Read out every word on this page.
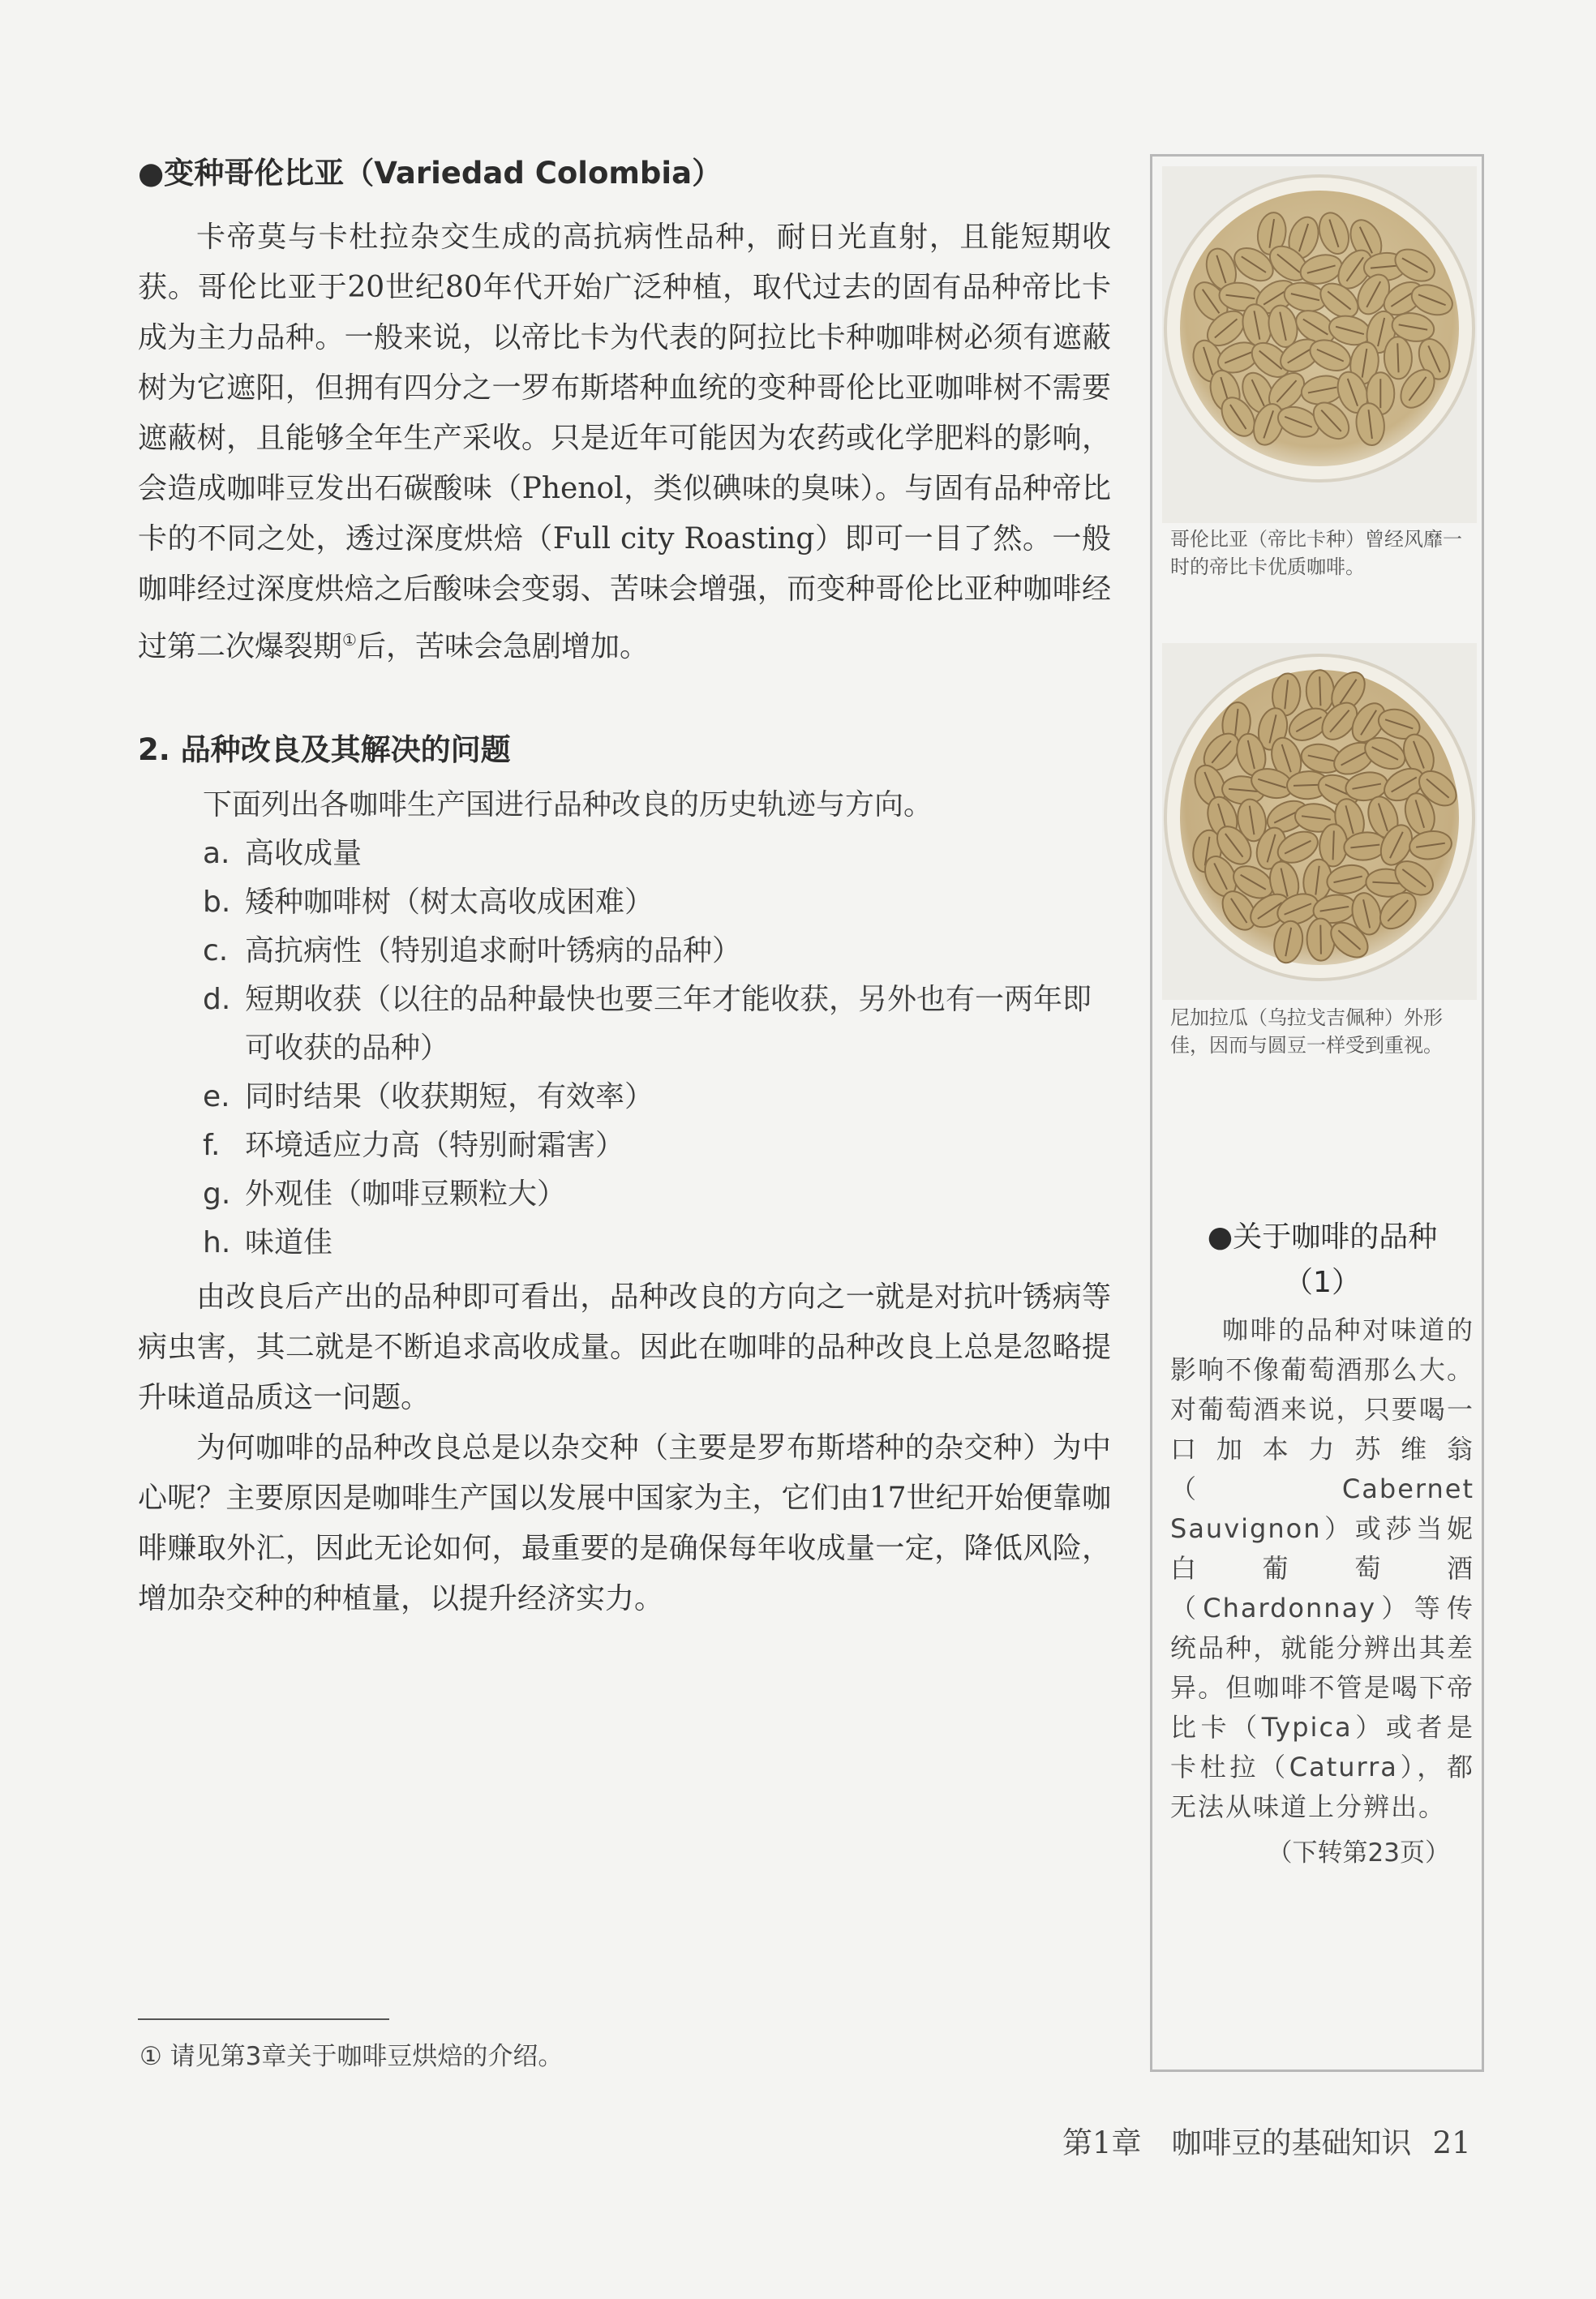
●变种哥伦比亚（Variedad Colombia）

卡帝莫与卡杜拉杂交生成的高抗病性品种，耐日光直射，且能短期收获。哥伦比亚于20世纪80年代开始广泛种植，取代过去的固有品种帝比卡成为主力品种。一般来说，以帝比卡为代表的阿拉比卡种咖啡树必须有遮蔽树为它遮阳，但拥有四分之一罗布斯塔种血统的变种哥伦比亚咖啡树不需要遮蔽树，且能够全年生产采收。只是近年可能因为农药或化学肥料的影响，会造成咖啡豆发出石碳酸味（Phenol，类似碘味的臭味）。与固有品种帝比卡的不同之处，透过深度烘焙（Full city Roasting）即可一目了然。一般咖啡经过深度烘焙之后酸味会变弱、苦味会增强，而变种哥伦比亚种咖啡经过第二次爆裂期①后，苦味会急剧增加。

2. 品种改良及其解决的问题

下面列出各咖啡生产国进行品种改良的历史轨迹与方向。

a. 高收成量
b. 矮种咖啡树（树太高收成困难）
c. 高抗病性（特别追求耐叶锈病的品种）
d. 短期收获（以往的品种最快也要三年才能收获，另外也有一两年即可收获的品种）
e. 同时结果（收获期短，有效率）
f. 环境适应力高（特别耐霜害）
g. 外观佳（咖啡豆颗粒大）
h. 味道佳

由改良后产出的品种即可看出，品种改良的方向之一就是对抗叶锈病等病虫害，其二就是不断追求高收成量。因此在咖啡的品种改良上总是忽略提升味道品质这一问题。

为何咖啡的品种改良总是以杂交种（主要是罗布斯塔种的杂交种）为中心呢？主要原因是咖啡生产国以发展中国家为主，它们由17世纪开始便靠咖啡赚取外汇，因此无论如何，最重要的是确保每年收成量一定，降低风险，增加杂交种的种植量，以提升经济实力。

哥伦比亚（帝比卡种）曾经风靡一时的帝比卡优质咖啡。
尼加拉瓜（乌拉戈吉佩种）外形佳，因而与圆豆一样受到重视。
●关于咖啡的品种
（1）

咖啡的品种对味道的影响不像葡萄酒那么大。对葡萄酒来说，只要喝一口加本力苏维翁（Cabernet Sauvignon）或莎当妮白葡萄酒（Chardonnay）等传统品种，就能分辨出其差异。但咖啡不管是喝下帝比卡（Typica）或者是卡杜拉（Caturra），都无法从味道上分辨出。

（下转第23页）
① 请见第3章关于咖啡豆烘焙的介绍。
第1章　咖啡豆的基础知识 21
